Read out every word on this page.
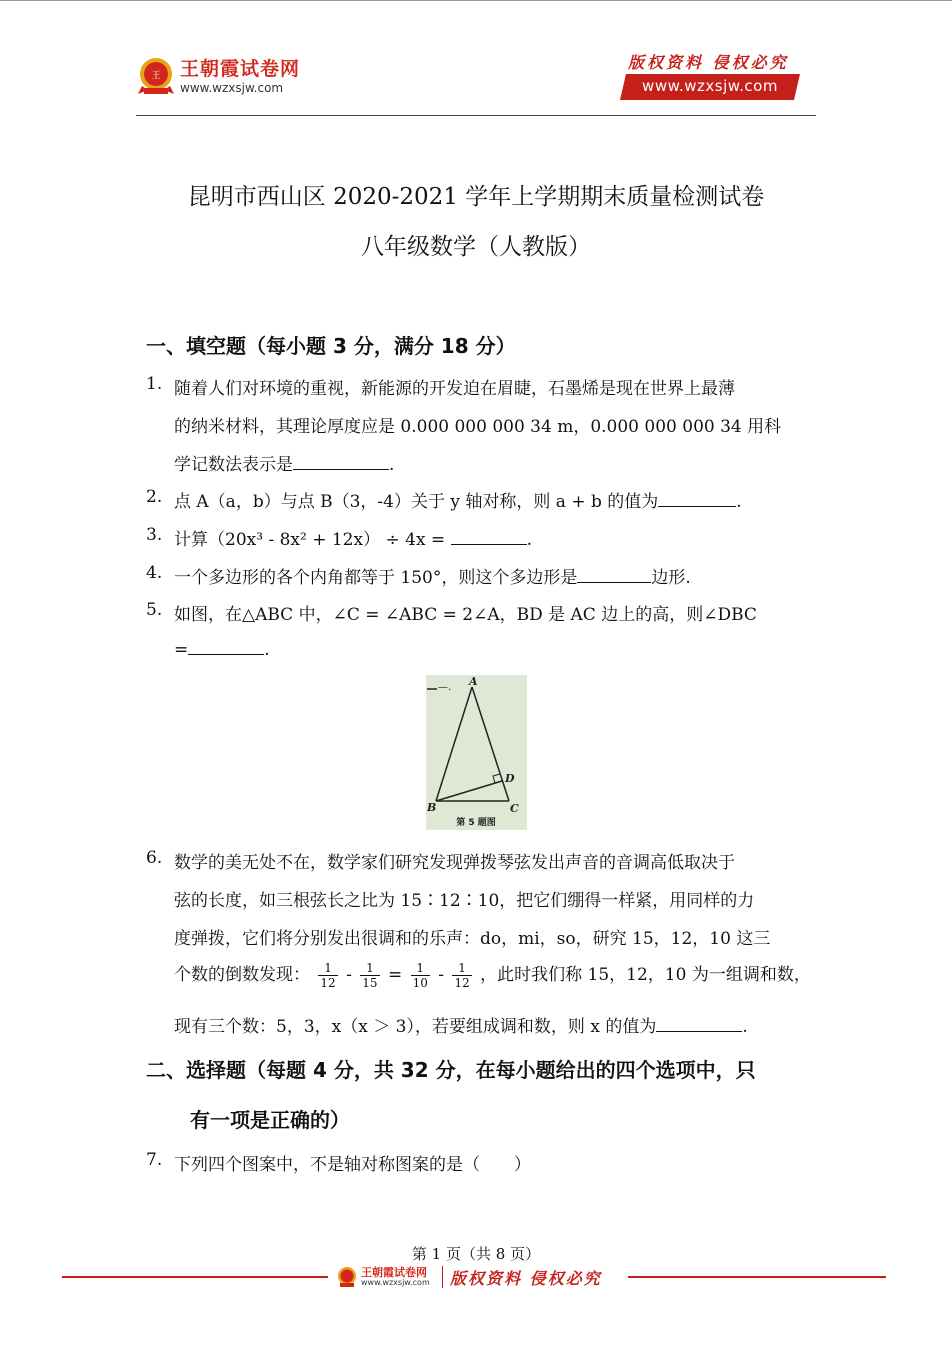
王 王朝霞试卷网
www.wzxsjw.com
版权资料 侵权必究
www.wzxsjw.com
昆明市西山区 2020-2021 学年上学期期末质量检测试卷
八年级数学（人教版）
一、填空题（每小题 3 分，满分 18 分）
1. 随着人们对环境的重视，新能源的开发迫在眉睫，石墨烯是现在世界上最薄
的纳米材料，其理论厚度应是 0.000 000 000 34 m，0.000 000 000 34 用科
学记数法表示是	.
2. 点 A（a，b）与点 B（3，-4）关于 y 轴对称，则 a + b 的值为	.
3. 计算（20x³ - 8x² + 12x） ÷ 4x =	.
4. 一个多边形的各个内角都等于 150°，则这个多边形是	边形.
5. 如图，在△ABC 中，∠C = ∠ABC = 2∠A，BD 是 AC 边上的高，则∠DBC
=	.
—. A
B	C
D
第 5 题图
6. 数学的美无处不在，数学家们研究发现弹拨琴弦发出声音的音调高低取决于
弦的长度，如三根弦长之比为 15∶12∶10，把它们绷得一样紧，用同样的力
度弹拨，它们将分别发出很调和的乐声：do，mi，so，研究 15，12，10 这三
个数的倒数发现： $\frac{1}{12} - \frac{1}{15} = \frac{1}{10} - \frac{1}{12}$ ，此时我们称 15，12，10 为一组调和数，
现有三个数：5，3，x（x ＞ 3），若要组成调和数，则 x 的值为	.
二、选择题（每题 4 分，共 32 分，在每小题给出的四个选项中，只
有一项是正确的）
7. 下列四个图案中，不是轴对称图案的是（　　）
第 1 页（共 8 页）
王朝霞试卷网
www.wzxsjw.com 版权资料 侵权必究
